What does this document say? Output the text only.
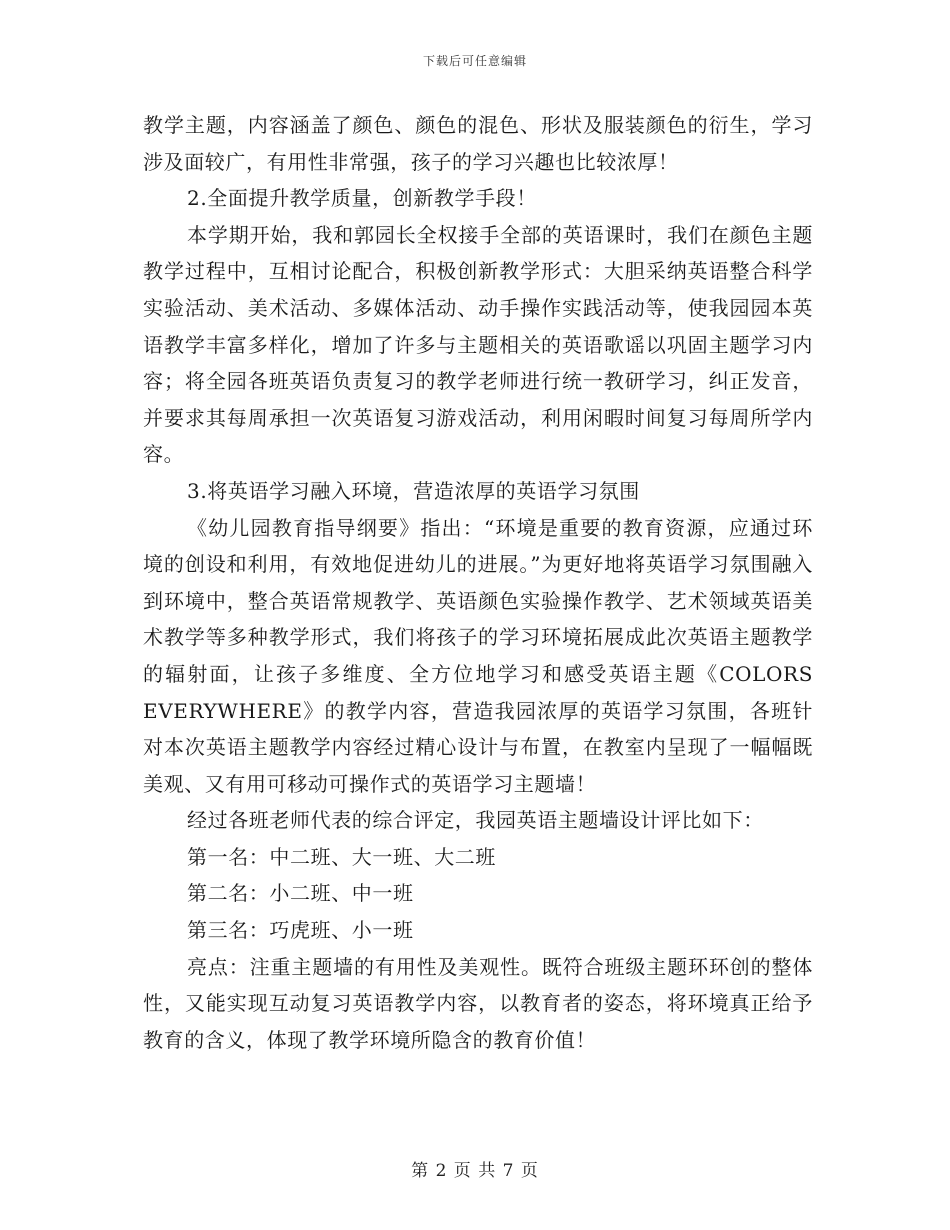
下载后可任意编辑

教学主题，内容涵盖了颜色、颜色的混色、形状及服装颜色的衍生，学习涉及面较广，有用性非常强，孩子的学习兴趣也比较浓厚！

2.全面提升教学质量，创新教学手段！

本学期开始，我和郭园长全权接手全部的英语课时，我们在颜色主题教学过程中，互相讨论配合，积极创新教学形式：大胆采纳英语整合科学实验活动、美术活动、多媒体活动、动手操作实践活动等，使我园园本英语教学丰富多样化，增加了许多与主题相关的英语歌谣以巩固主题学习内容；将全园各班英语负责复习的教学老师进行统一教研学习，纠正发音，并要求其每周承担一次英语复习游戏活动，利用闲暇时间复习每周所学内容。

3.将英语学习融入环境，营造浓厚的英语学习氛围

《幼儿园教育指导纲要》指出：“环境是重要的教育资源，应通过环境的创设和利用，有效地促进幼儿的进展。”为更好地将英语学习氛围融入到环境中，整合英语常规教学、英语颜色实验操作教学、艺术领域英语美术教学等多种教学形式，我们将孩子的学习环境拓展成此次英语主题教学的辐射面，让孩子多维度、全方位地学习和感受英语主题《COLORS EVERYWHERE》的教学内容，营造我园浓厚的英语学习氛围，各班针对本次英语主题教学内容经过精心设计与布置，在教室内呈现了一幅幅既美观、又有用可移动可操作式的英语学习主题墙！

经过各班老师代表的综合评定，我园英语主题墙设计评比如下：

第一名：中二班、大一班、大二班

第二名：小二班、中一班

第三名：巧虎班、小一班

亮点：注重主题墙的有用性及美观性。既符合班级主题环环创的整体性，又能实现互动复习英语教学内容，以教育者的姿态，将环境真正给予教育的含义，体现了教学环境所隐含的教育价值！

第 2 页 共 7 页
